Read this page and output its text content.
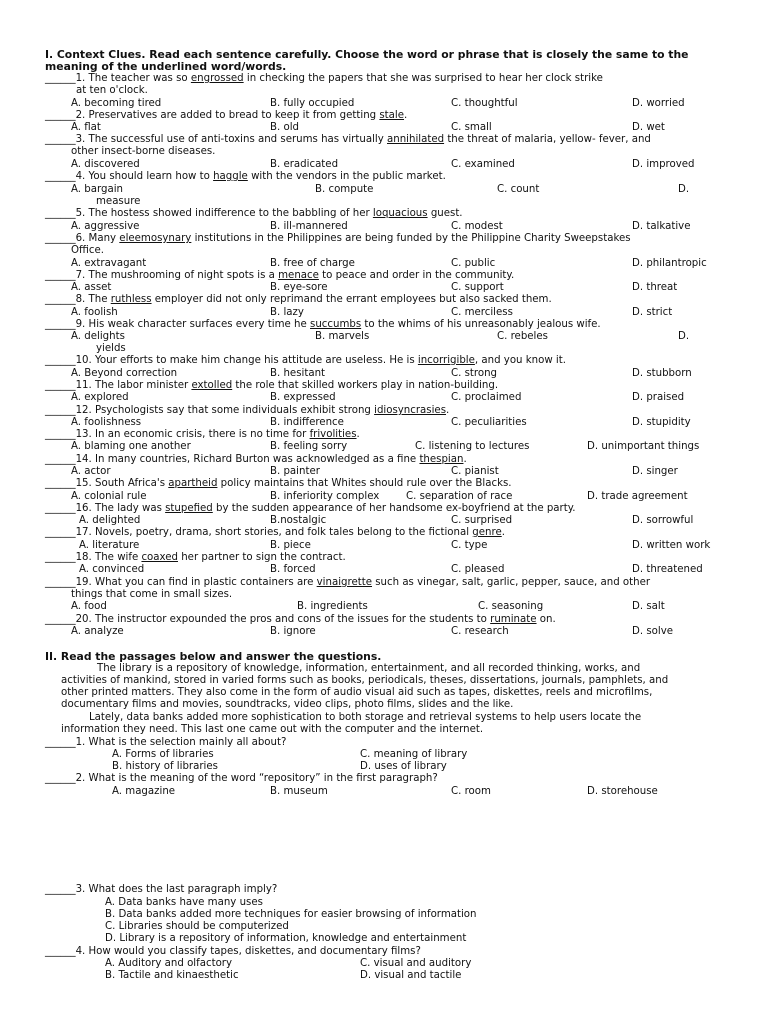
I. Context Clues. Read each sentence carefully. Choose the word or phrase that is closely the same to the
meaning of the underlined word/words.
______1. The teacher was so engrossed in checking the papers that she was surprised to hear her clock strike
at ten o'clock.
A. becoming tired	B. fully occupied	C. thoughtful	D. worried
______2. Preservatives are added to bread to keep it from getting stale.
A. flat	B. old	C. small	D. wet
______3. The successful use of anti-toxins and serums has virtually annihilated the threat of malaria, yellow- fever, and
other insect-borne diseases.
A. discovered	B. eradicated	C. examined	D. improved
______4. You should learn how to haggle with the vendors in the public market.
A. bargain	B. compute	C. count	D.
measure
______5. The hostess showed indifference to the babbling of her loquacious guest.
A. aggressive	B. ill-mannered	C. modest	D. talkative
______6. Many eleemosynary institutions in the Philippines are being funded by the Philippine Charity Sweepstakes
Office.
A. extravagant	B. free of charge	C. public	D. philantropic
______7. The mushrooming of night spots is a menace to peace and order in the community.
A. asset	B. eye-sore	C. support	D. threat
______8. The ruthless employer did not only reprimand the errant employees but also sacked them.
A. foolish	B. lazy	C. merciless	D. strict
______9. His weak character surfaces every time he succumbs to the whims of his unreasonably jealous wife.
A. delights	B. marvels	C. rebeles	D.
yields
______10. Your efforts to make him change his attitude are useless. He is incorrigible, and you know it.
A. Beyond correction	B. hesitant	C. strong	D. stubborn
______11. The labor minister extolled the role that skilled workers play in nation-building.
A. explored	B. expressed	C. proclaimed	D. praised
______12. Psychologists say that some individuals exhibit strong idiosyncrasies.
A. foolishness	B. indifference	C. peculiarities	D. stupidity
______13. In an economic crisis, there is no time for frivolities.
A. blaming one another	B. feeling sorry	C. listening to lectures	D. unimportant things
______14. In many countries, Richard Burton was acknowledged as a fine thespian.
A. actor	B. painter	C. pianist	D. singer
______15. South Africa's apartheid policy maintains that Whites should rule over the Blacks.
A. colonial rule	B. inferiority complex	C. separation of race	D. trade agreement
______16. The lady was stupefied by the sudden appearance of her handsome ex-boyfriend at the party.
A. delighted	B.nostalgic	C. surprised	D. sorrowful
______17. Novels, poetry, drama, short stories, and folk tales belong to the fictional genre.
A. literature	B. piece	C. type	D. written work
______18. The wife coaxed her partner to sign the contract.
A. convinced	B. forced	C. pleased	D. threatened
______19. What you can find in plastic containers are vinaigrette such as vinegar, salt, garlic, pepper, sauce, and other
things that come in small sizes.
A. food	B. ingredients	C. seasoning	D. salt
______20. The instructor expounded the pros and cons of the issues for the students to ruminate on.
A. analyze	B. ignore	C. research	D. solve
II. Read the passages below and answer the questions.
The library is a repository of knowledge, information, entertainment, and all recorded thinking, works, and
activities of mankind, stored in varied forms such as books, periodicals, theses, dissertations, journals, pamphlets, and
other printed matters. They also come in the form of audio visual aid such as tapes, diskettes, reels and microfilms,
documentary films and movies, soundtracks, video clips, photo films, slides and the like.
Lately, data banks added more sophistication to both storage and retrieval systems to help users locate the
information they need. This last one came out with the computer and the internet.
______1. What is the selection mainly all about?
A. Forms of libraries	C. meaning of library
B. history of libraries	D. uses of library
______2. What is the meaning of the word “repository” in the first paragraph?
A. magazine	B. museum	C. room	D. storehouse
______3. What does the last paragraph imply?
A. Data banks have many uses
B. Data banks added more techniques for easier browsing of information
C. Libraries should be computerized
D. Library is a repository of information, knowledge and entertainment
______4. How would you classify tapes, diskettes, and documentary films?
A. Auditory and olfactory	C. visual and auditory
B. Tactile and kinaesthetic	D. visual and tactile
